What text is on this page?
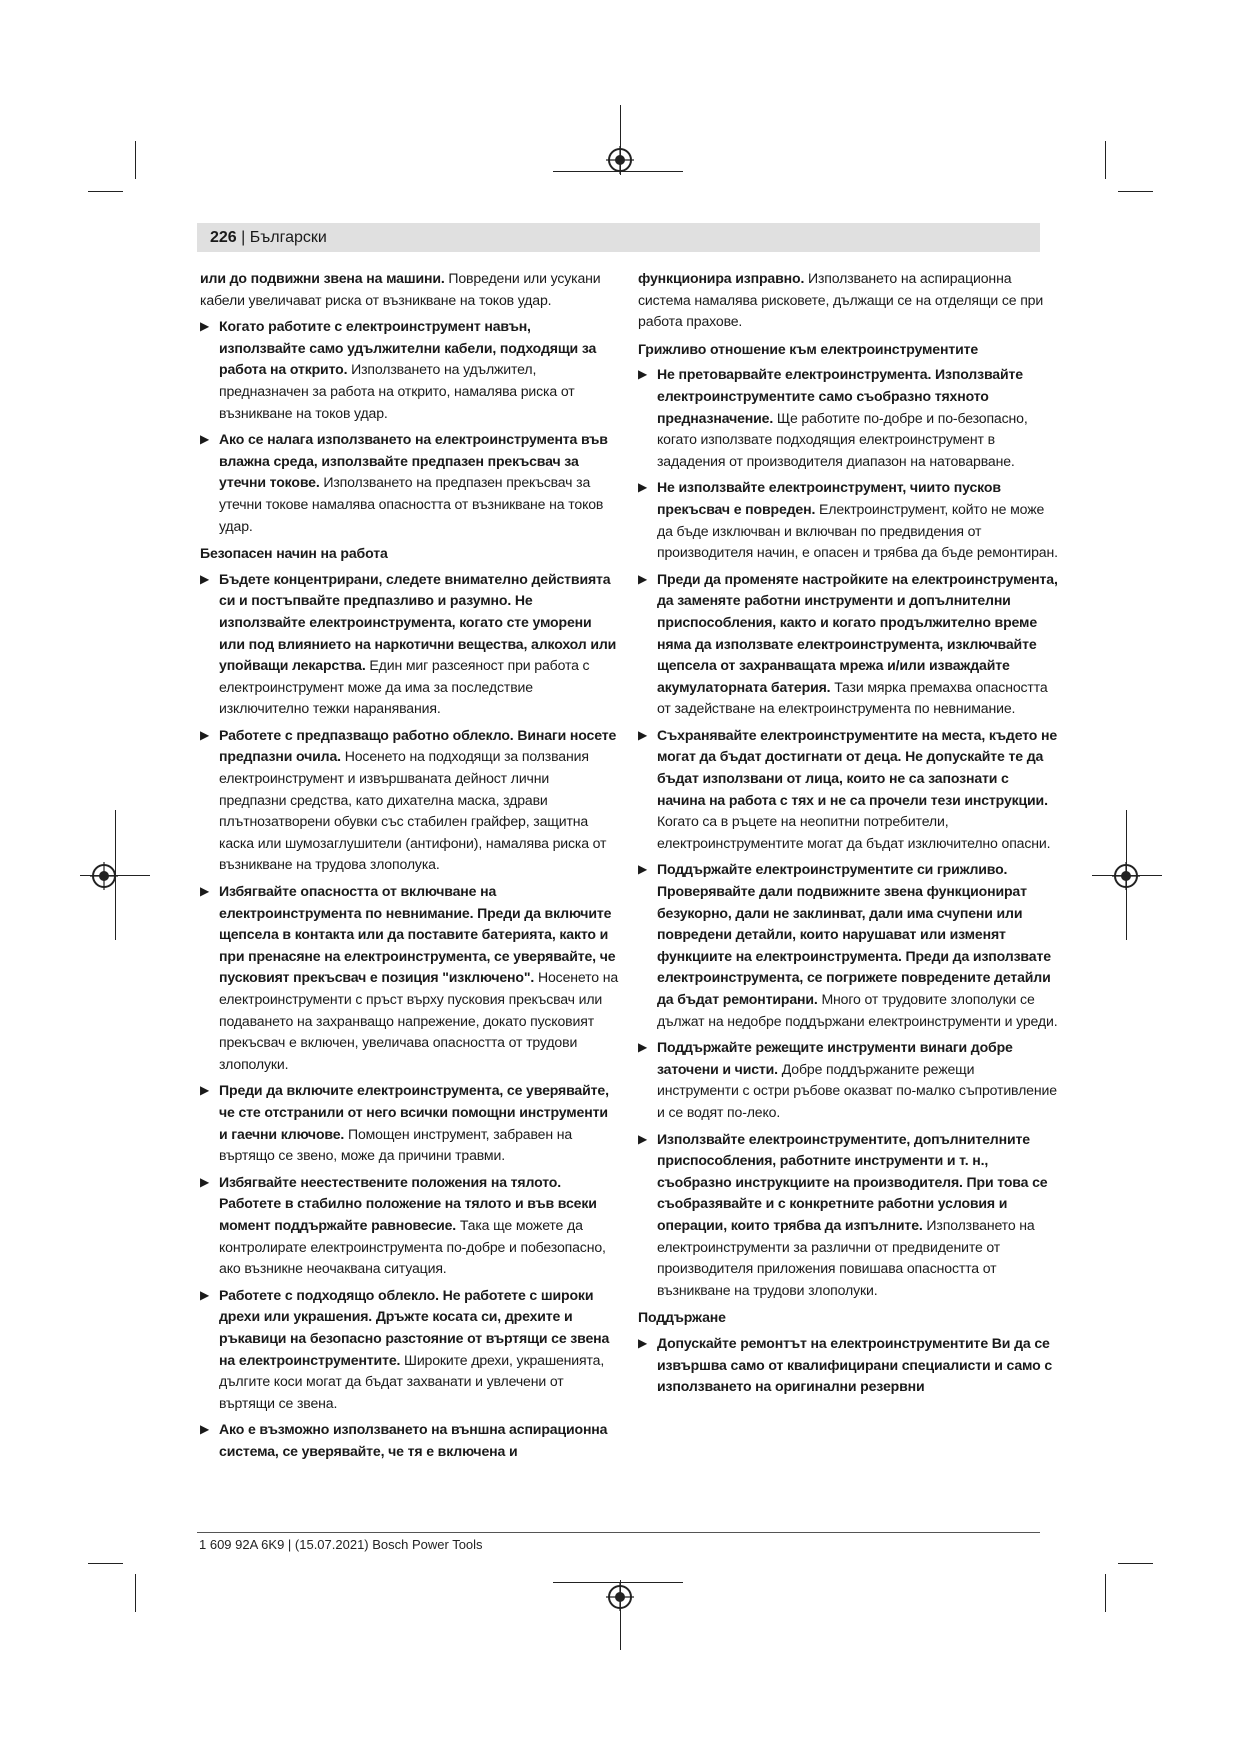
226 | Български
или до подвижни звена на машини. Повредени или усукани кабели увеличават риска от възникване на токов удар.
▶ Когато работите с електроинструмент навън, използвайте само удължителни кабели, подходящи за работа на открито. Използването на удължител, предназначен за работа на открито, намалява риска от възникване на токов удар.
▶ Ако се налага използването на електроинструмента във влажна среда, използвайте предпазен прекъсвач за утечни токове. Използването на предпазен прекъсвач за утечни токове намалява опасността от възникване на токов удар.
Безопасен начин на работа
▶ Бъдете концентрирани, следете внимателно действията си и постъпвайте предпазливо и разумно. Не използвайте електроинструмента, когато сте уморени или под влиянието на наркотични вещества, алкохол или упойващи лекарства. Един миг разсеяност при работа с електроинструмент може да има за последствие изключително тежки наранявания.
▶ Работете с предпазващо работно облекло. Винаги носете предпазни очила. Носенето на подходящи за ползвания електроинструмент и извършваната дейност лични предпазни средства, като дихателна маска, здрави плътнозатворени обувки със стабилен грайфер, защитна каска или шумозаглушители (антифони), намалява риска от възникване на трудова злополука.
▶ Избягвайте опасността от включване на електроинструмента по невнимание. Преди да включите щепсела в контакта или да поставите батерията, както и при пренасяне на електроинструмента, се уверявайте, че пусковият прекъсвач е позиция "изключено". Носенето на електроинструменти с пръст върху пусковия прекъсвач или подаването на захранващо напрежение, докато пусковият прекъсвач е включен, увеличава опасността от трудови злополуки.
▶ Преди да включите електроинструмента, се уверявайте, че сте отстранили от него всички помощни инструменти и гаечни ключове. Помощен инструмент, забравен на въртящо се звено, може да причини травми.
▶ Избягвайте неестествените положения на тялото. Работете в стабилно положение на тялото и във всеки момент поддържайте равновесие. Така ще можете да контролирате електроинструмента по-добре и побезопасно, ако възникне неочаквана ситуация.
▶ Работете с подходящо облекло. Не работете с широки дрехи или украшения. Дръжте косата си, дрехите и ръкавици на безопасно разстояние от въртящи се звена на електроинструментите. Широките дрехи, украшенията, дългите коси могат да бъдат захванати и увлечени от въртящи се звена.
▶ Ако е възможно използването на външна аспирационна система, се уверявайте, че тя е включена и
функционира изправно. Използването на аспирационна система намалява рисковете, дължащи се на отделящи се при работа прахове.
Грижливо отношение към електроинструментите
▶ Не претоварвайте електроинструмента. Използвайте електроинструментите само съобразно тяхното предназначение. Ще работите по-добре и по-безопасно, когато използвате подходящия електроинструмент в зададения от производителя диапазон на натоварване.
▶ Не използвайте електроинструмент, чиито пусков прекъсвач е повреден. Електроинструмент, който не може да бъде изключван и включван по предвидения от производителя начин, е опасен и трябва да бъде ремонтиран.
▶ Преди да променяте настройките на електроинструмента, да заменяте работни инструменти и допълнителни приспособления, както и когато продължително време няма да използвате електроинструмента, изключвайте щепсела от захранващата мрежа и/или изваждайте акумулаторната батерия. Тази мярка премахва опасността от задействане на електроинструмента по невнимание.
▶ Съхранявайте електроинструментите на места, където не могат да бъдат достигнати от деца. Не допускайте те да бъдат използвани от лица, които не са запознати с начина на работа с тях и не са прочели тези инструкции. Когато са в ръцете на неопитни потребители, електроинструментите могат да бъдат изключително опасни.
▶ Поддържайте електроинструментите си грижливо. Проверявайте дали подвижните звена функционират безукорно, дали не заклинват, дали има счупени или повредени детайли, които нарушават или изменят функциите на електроинструмента. Преди да използвате електроинструмента, се погрижете повредените детайли да бъдат ремонтирани. Много от трудовите злополуки се дължат на недобре поддържани електроинструменти и уреди.
▶ Поддържайте режещите инструменти винаги добре заточени и чисти. Добре поддържаните режещи инструменти с остри ръбове оказват по-малко съпротивление и се водят по-леко.
▶ Използвайте електроинструментите, допълнителните приспособления, работните инструменти и т. н., съобразно инструкциите на производителя. При това се съобразявайте и с конкретните работни условия и операции, които трябва да изпълните. Използването на електроинструменти за различни от предвидените от производителя приложения повишава опасността от възникване на трудови злополуки.
Поддържане
▶ Допускайте ремонтът на електроинструментите Ви да се извършва само от квалифицирани специалисти и само с използването на оригинални резервни
1 609 92A 6K9 | (15.07.2021) Bosch Power Tools
